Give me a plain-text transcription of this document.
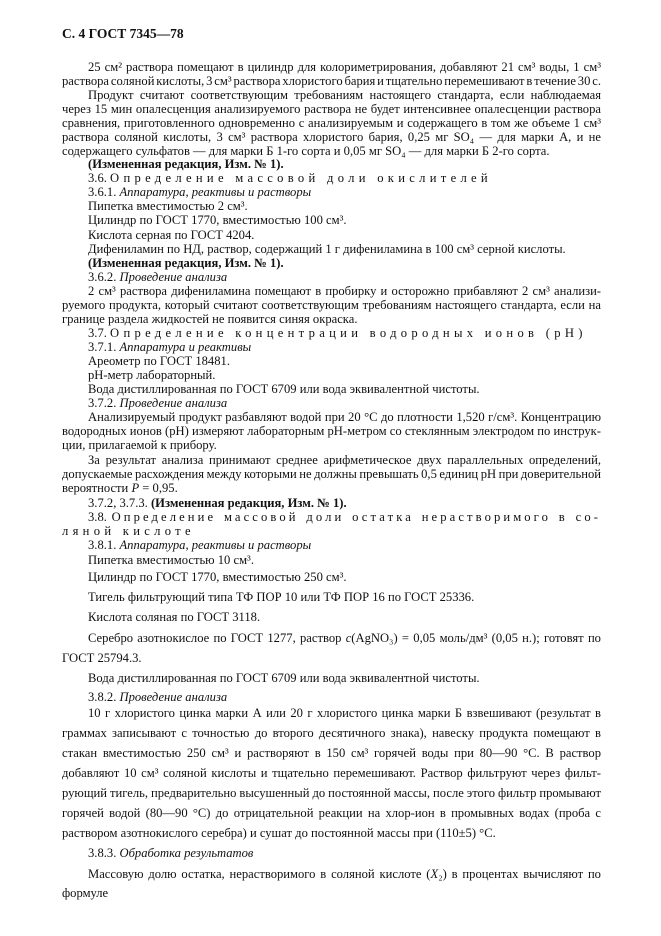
С. 4 ГОСТ 7345—78
25 см² раствора помещают в цилиндр для колориметрирования, добавляют 21 см³ воды, 1 см³
раствора соляной кислоты, 3 см³ раствора хлористого бария и тщательно перемешивают в течение 30 с.
Продукт считают соответствующим требованиям настоящего стандарта, если наблюдаемая
через 15 мин опалесценция анализируемого раствора не будет интенсивнее опалесценции раствора
сравнения, приготовленного одновременно с анализируемым и содержащего в том же объеме 1 см³
раствора соляной кислоты, 3 см³ раствора хлористого бария, 0,25 мг SO₄ — для марки А, и не
содержащего сульфатов — для марки Б 1-го сорта и 0,05 мг SO₄ — для марки Б 2-го сорта.
(Измененная редакция, Изм. № 1).
3.6. Определение массовой доли окислителей
3.6.1. Аппаратура, реактивы и растворы
Пипетка вместимостью 2 см³.
Цилиндр по ГОСТ 1770, вместимостью 100 см³.
Кислота серная по ГОСТ 4204.
Дифениламин по НД, раствор, содержащий 1 г дифениламина в 100 см³ серной кислоты.
(Измененная редакция, Изм. № 1).
3.6.2. Проведение анализа
2 см³ раствора дифениламина помещают в пробирку и осторожно прибавляют 2 см³ анализи-
руемого продукта, который считают соответствующим требованиям настоящего стандарта, если на
границе раздела жидкостей не появится синяя окраска.
3.7. Определение концентрации водородных ионов (pH)
3.7.1. Аппаратура и реактивы
Ареометр по ГОСТ 18481.
pH-метр лабораторный.
Вода дистиллированная по ГОСТ 6709 или вода эквивалентной чистоты.
3.7.2. Проведение анализа
Анализируемый продукт разбавляют водой при 20 °С до плотности 1,520 г/см³. Концентрацию
водородных ионов (pH) измеряют лабораторным pH-метром со стеклянным электродом по инструк-
ции, прилагаемой к прибору.
За результат анализа принимают среднее арифметическое двух параллельных определений,
допускаемые расхождения между которыми не должны превышать 0,5 единиц pH при доверительной
вероятности P = 0,95.
3.7.2, 3.7.3. (Измененная редакция, Изм. № 1).
3.8. Определение массовой доли остатка нерастворимого в со-
ляной кислоте
3.8.1. Аппаратура, реактивы и растворы
Пипетка вместимостью 10 см³.
Цилиндр по ГОСТ 1770, вместимостью 250 см³.
Тигель фильтрующий типа ТФ ПОР 10 или ТФ ПОР 16 по ГОСТ 25336.
Кислота соляная по ГОСТ 3118.
Серебро азотнокислое по ГОСТ 1277, раствор c(AgNO₃) = 0,05 моль/дм³ (0,05 н.); готовят по
ГОСТ 25794.3.
Вода дистиллированная по ГОСТ 6709 или вода эквивалентной чистоты.
3.8.2. Проведение анализа
10 г хлористого цинка марки А или 20 г хлористого цинка марки Б взвешивают (результат в
граммах записывают с точностью до второго десятичного знака), навеску продукта помещают в
стакан вместимостью 250 см³ и растворяют в 150 см³ горячей воды при 80—90 °С. В раствор
добавляют 10 см³ соляной кислоты и тщательно перемешивают. Раствор фильтруют через фильт-
рующий тигель, предварительно высушенный до постоянной массы, после этого фильтр промывают
горячей водой (80—90 °С) до отрицательной реакции на хлор-ион в промывных водах (проба с
раствором азотнокислого серебра) и сушат до постоянной массы при (110±5) °С.
3.8.3. Обработка результатов
Массовую долю остатка, нерастворимого в соляной кислоте (X₂) в процентах вычисляют по
формуле
